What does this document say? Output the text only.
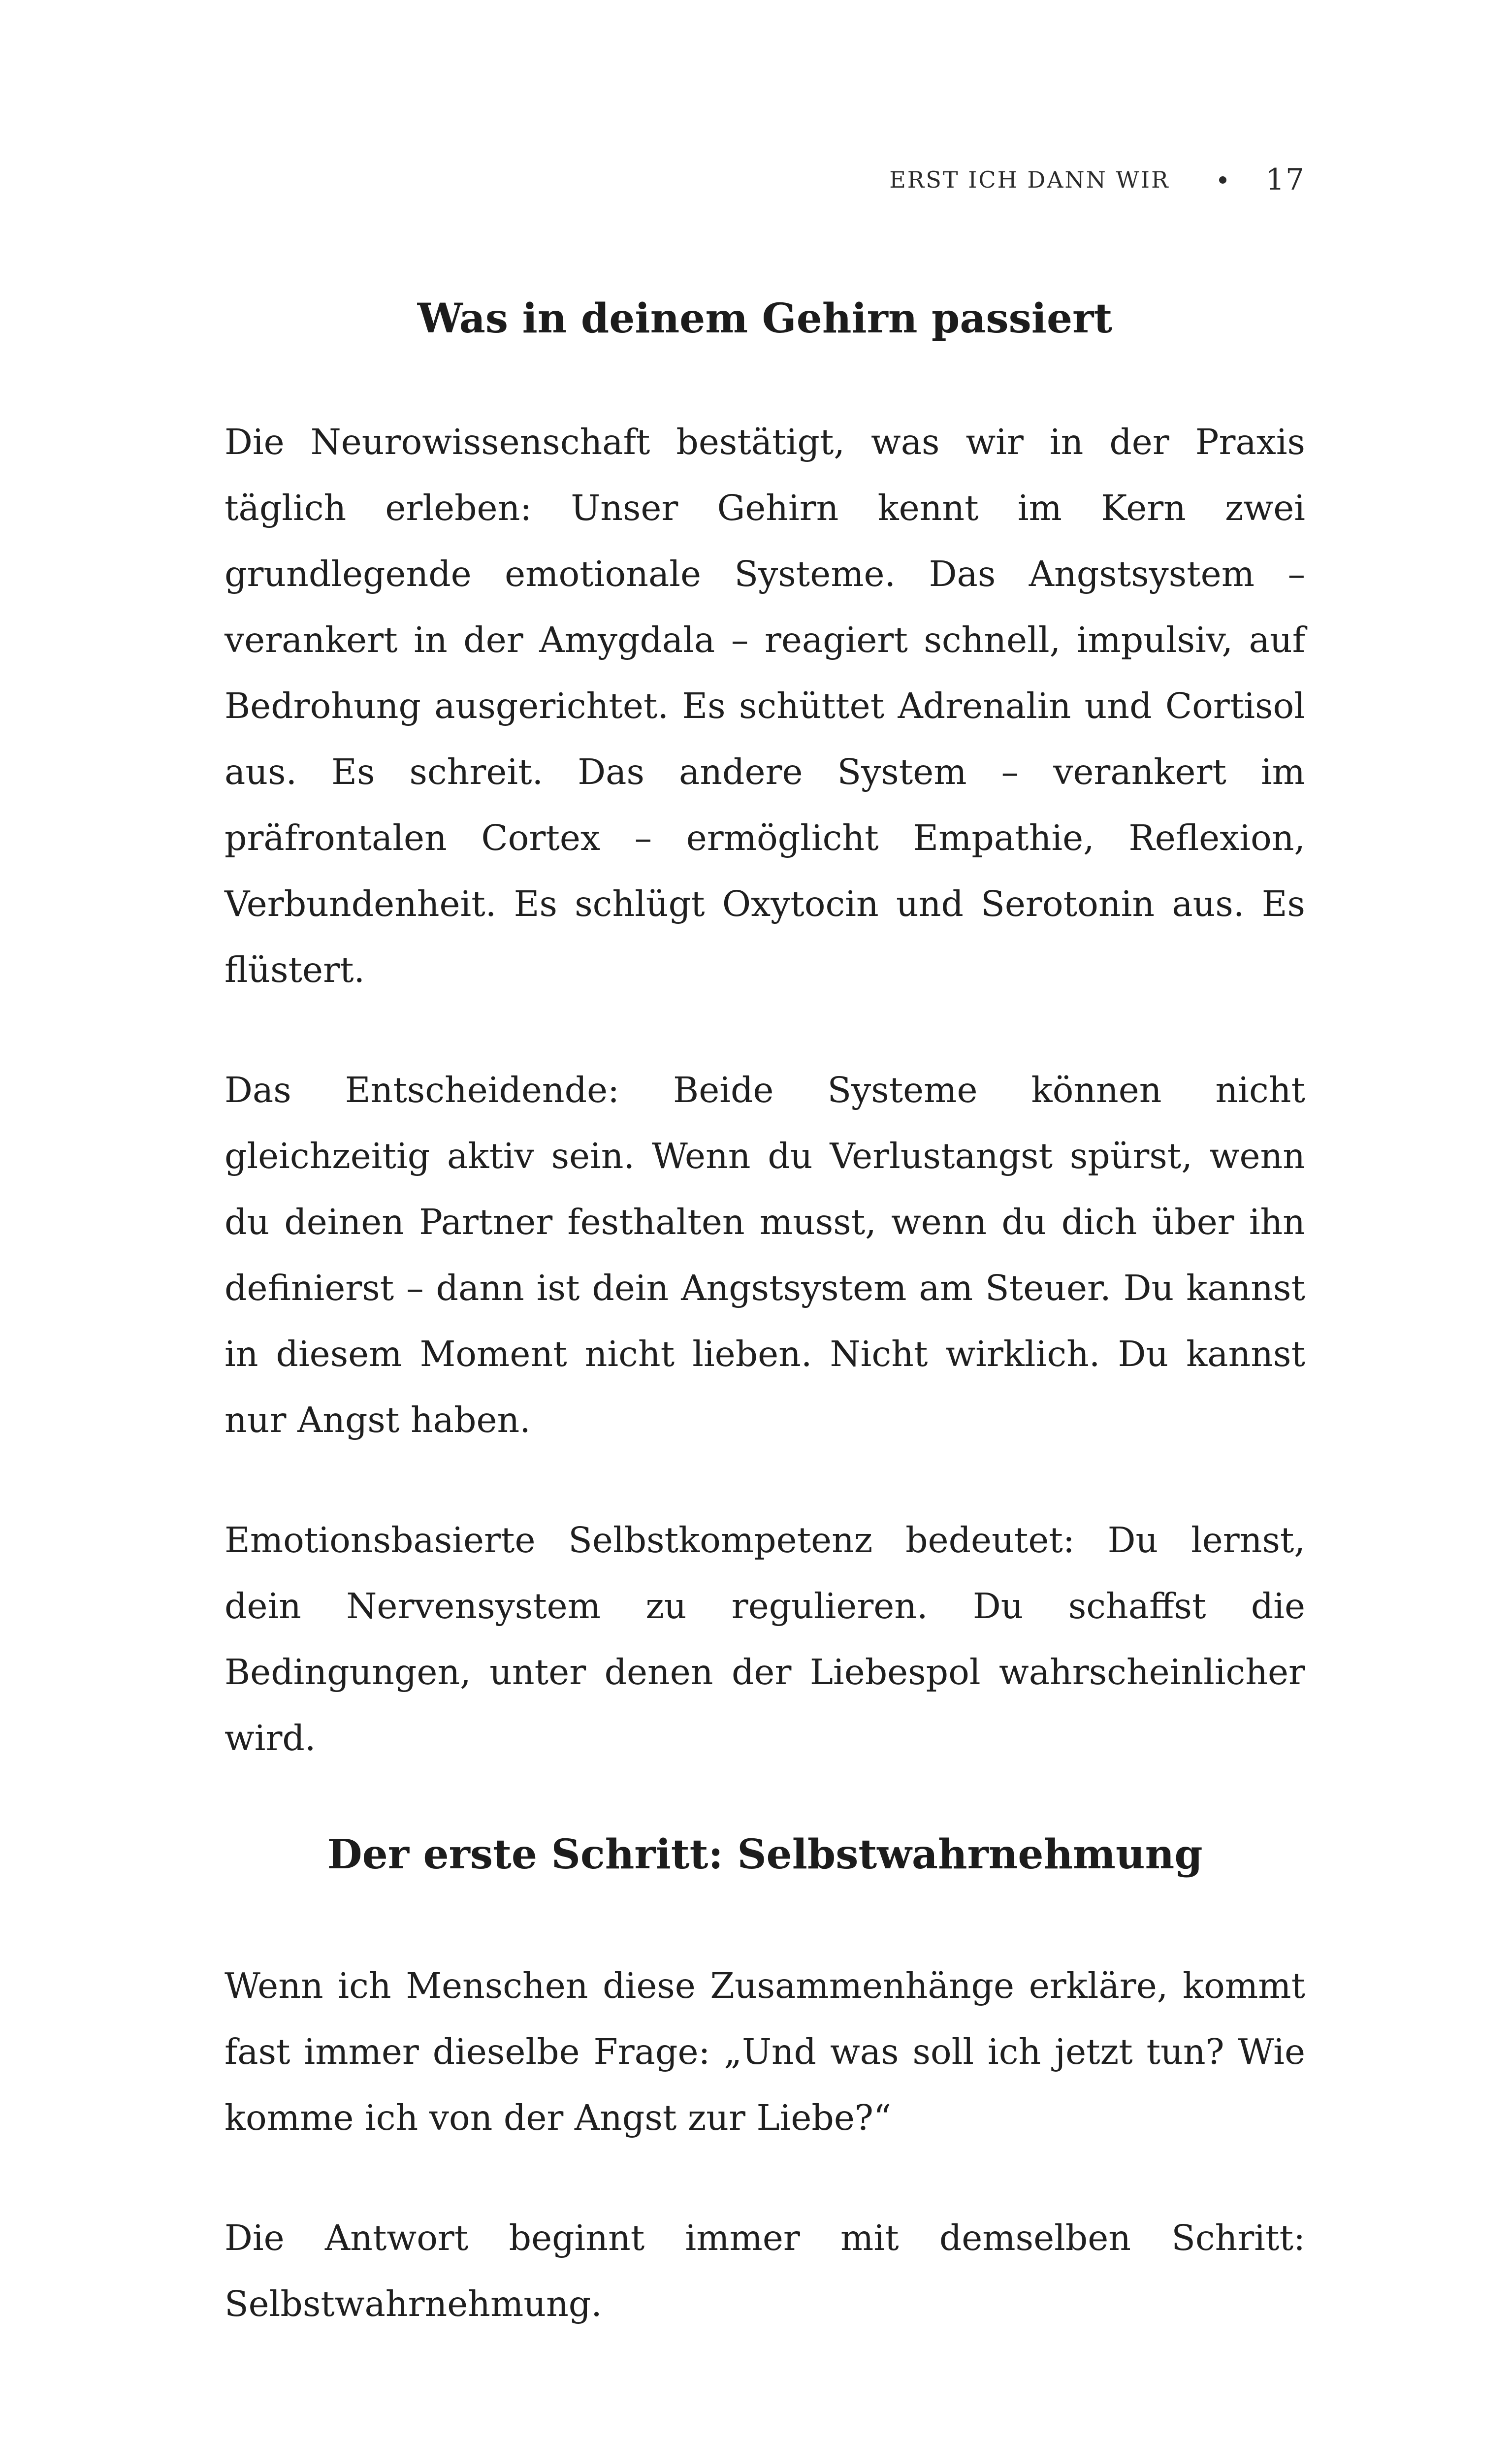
ERST ICH DANN WIR	17
Was in deinem Gehirn passiert

Die Neurowissenschaft bestätigt, was wir in der Praxis täglich erleben: Unser Gehirn kennt im Kern zwei grundlegende emotionale Systeme. Das Angstsystem – verankert in der Amygdala – reagiert schnell, impulsiv, auf Bedrohung ausgerichtet. Es schüttet Adrenalin und Cortisol aus. Es schreit. Das andere System – verankert im präfrontalen Cortex – ermöglicht Empathie, Reflexion, Verbundenheit. Es schlügt Oxytocin und Serotonin aus. Es flüstert.

Das Entscheidende: Beide Systeme können nicht gleichzeitig aktiv sein. Wenn du Verlustangst spürst, wenn du deinen Partner festhalten musst, wenn du dich über ihn definierst – dann ist dein Angstsystem am Steuer. Du kannst in diesem Moment nicht lieben. Nicht wirklich. Du kannst nur Angst haben.

Emotionsbasierte Selbstkompetenz bedeutet: Du lernst, dein Nervensystem zu regulieren. Du schaffst die Bedingungen, unter denen der Liebespol wahrscheinlicher wird.

Der erste Schritt: Selbstwahrnehmung

Wenn ich Menschen diese Zusammenhänge erkläre, kommt fast immer dieselbe Frage: „Und was soll ich jetzt tun? Wie komme ich von der Angst zur Liebe?“

Die Antwort beginnt immer mit demselben Schritt: Selbstwahrnehmung.
